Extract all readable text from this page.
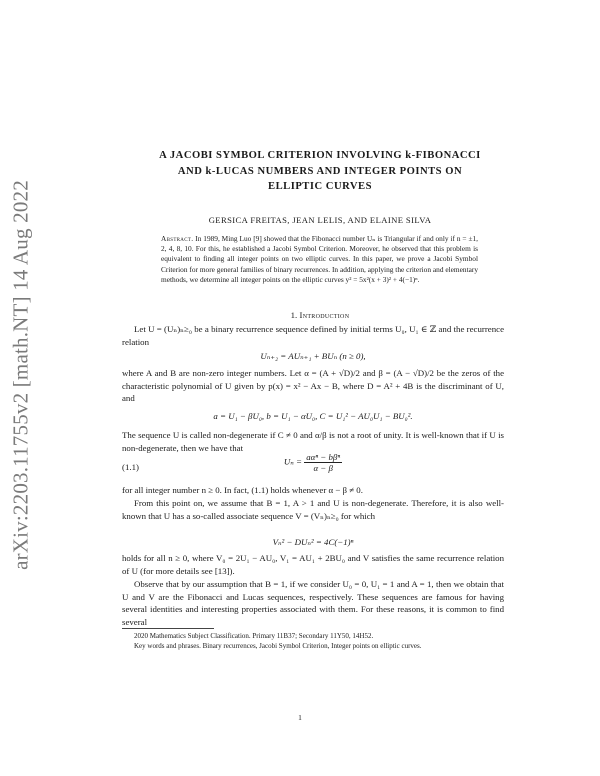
arXiv:2203.11755v2 [math.NT] 14 Aug 2022
A JACOBI SYMBOL CRITERION INVOLVING k-FIBONACCI
AND k-LUCAS NUMBERS AND INTEGER POINTS ON
ELLIPTIC CURVES
GERSICA FREITAS, JEAN LELIS, AND ELAINE SILVA
Abstract. In 1989, Ming Luo [9] showed that the Fibonacci number Uₙ is Triangular if and only if n = ±1, 2, 4, 8, 10. For this, he established a Jacobi Symbol Criterion. Moreover, he observed that this problem is equivalent to finding all integer points on two elliptic curves. In this paper, we prove a Jacobi Symbol Criterion for more general families of binary recurrences. In addition, applying the criterion and elementary methods, we determine all integer points on the elliptic curves y² = 5x²(x + 3)² + 4(−1)ⁿ.
1. Introduction
Let U = (Uₙ)ₙ≥₀ be a binary recurrence sequence defined by initial terms U₀, U₁ ∈ ℤ and the recurrence relation
Uₙ₊₂ = AUₙ₊₁ + BUₙ (n ≥ 0),
where A and B are non-zero integer numbers. Let α = (A + √D)/2 and β = (A − √D)/2 be the zeros of the characteristic polynomial of U given by p(x) = x² − Ax − B, where D = A² + 4B is the discriminant of U, and
a = U₁ − βU₀, b = U₁ − αU₀, C = U₁² − AU₀U₁ − BU₀².
The sequence U is called non-degenerate if C ≠ 0 and α/β is not a root of unity. It is well-known that if U is non-degenerate, then we have that
(1.1)
$U_n = \frac{\text{aαⁿ − bβⁿ}}{\alpha - \beta}$
for all integer number n ≥ 0. In fact, (1.1) holds whenever α − β ≠ 0.
From this point on, we assume that B = 1, A > 1 and U is non-degenerate. Therefore, it is also well-known that U has a so-called associate sequence V = (Vₙ)ₙ≥₀ for which
Vₙ² − DUₙ² = 4C(−1)ⁿ
holds for all n ≥ 0, where V₀ = 2U₁ − AU₀, V₁ = AU₁ + 2BU₀ and V satisfies the same recurrence relation of U (for more details see [13]).
Observe that by our assumption that B = 1, if we consider U₀ = 0, U₁ = 1 and A = 1, then we obtain that U and V are the Fibonacci and Lucas sequences, respectively. These sequences are famous for having several identities and interesting properties associated with them. For these reasons, it is common to find several
2020 Mathematics Subject Classification. Primary 11B37; Secondary 11Y50, 14H52.
Key words and phrases. Binary recurrences, Jacobi Symbol Criterion, Integer points on elliptic curves.
1
